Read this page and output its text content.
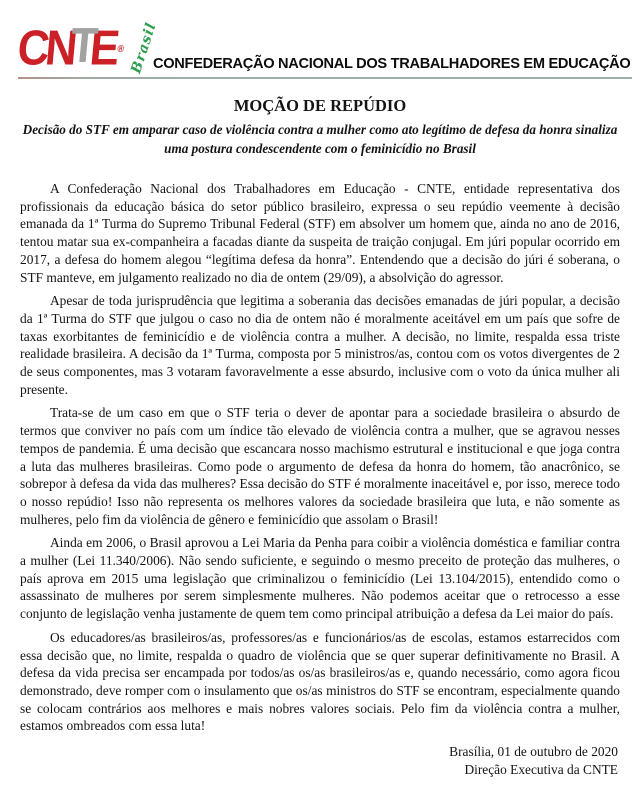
C
N
T
E
® Brasil
CONFEDERAÇÃO NACIONAL DOS TRABALHADORES EM EDUCAÇÃO
MOÇÃO DE REPÚDIO
Decisão do STF em amparar caso de violência contra a mulher como ato legítimo de defesa da honra sinaliza uma postura condescendente com o feminicídio no Brasil

A Confederação Nacional dos Trabalhadores em Educação - CNTE, entidade representativa dos profissionais da educação básica do setor público brasileiro, expressa o seu repúdio veemente à decisão emanada da 1ª Turma do Supremo Tribunal Federal (STF) em absolver um homem que, ainda no ano de 2016, tentou matar sua ex-companheira a facadas diante da suspeita de traição conjugal. Em júri popular ocorrido em 2017, a defesa do homem alegou “legítima defesa da honra”. Entendendo que a decisão do júri é soberana, o STF manteve, em julgamento realizado no dia de ontem (29/09), a absolvição do agressor.

Apesar de toda jurisprudência que legitima a soberania das decisões emanadas de júri popular, a decisão da 1ª Turma do STF que julgou o caso no dia de ontem não é moralmente aceitável em um país que sofre de taxas exorbitantes de feminicídio e de violência contra a mulher. A decisão, no limite, respalda essa triste realidade brasileira. A decisão da 1ª Turma, composta por 5 ministros/as, contou com os votos divergentes de 2 de seus componentes, mas 3 votaram favoravelmente a esse absurdo, inclusive com o voto da única mulher ali presente.

Trata-se de um caso em que o STF teria o dever de apontar para a sociedade brasileira o absurdo de termos que conviver no país com um índice tão elevado de violência contra a mulher, que se agravou nesses tempos de pandemia. É uma decisão que escancara nosso machismo estrutural e institucional e que joga contra a luta das mulheres brasileiras. Como pode o argumento de defesa da honra do homem, tão anacrônico, se sobrepor à defesa da vida das mulheres? Essa decisão do STF é moralmente inaceitável e, por isso, merece todo o nosso repúdio! Isso não representa os melhores valores da sociedade brasileira que luta, e não somente as mulheres, pelo fim da violência de gênero e feminicídio que assolam o Brasil!

Ainda em 2006, o Brasil aprovou a Lei Maria da Penha para coibir a violência doméstica e familiar contra a mulher (Lei 11.340/2006). Não sendo suficiente, e seguindo o mesmo preceito de proteção das mulheres, o país aprova em 2015 uma legislação que criminalizou o feminicídio (Lei 13.104/2015), entendido como o assassinato de mulheres por serem simplesmente mulheres. Não podemos aceitar que o retrocesso a esse conjunto de legislação venha justamente de quem tem como principal atribuição a defesa da Lei maior do país.

Os educadores/as brasileiros/as, professores/as e funcionários/as de escolas, estamos estarrecidos com essa decisão que, no limite, respalda o quadro de violência que se quer superar definitivamente no Brasil. A defesa da vida precisa ser encampada por todos/as os/as brasileiros/as e, quando necessário, como agora ficou demonstrado, deve romper com o insulamento que os/as ministros do STF se encontram, especialmente quando se colocam contrários aos melhores e mais nobres valores sociais. Pelo fim da violência contra a mulher, estamos ombreados com essa luta!

Brasília, 01 de outubro de 2020
Direção Executiva da CNTE
